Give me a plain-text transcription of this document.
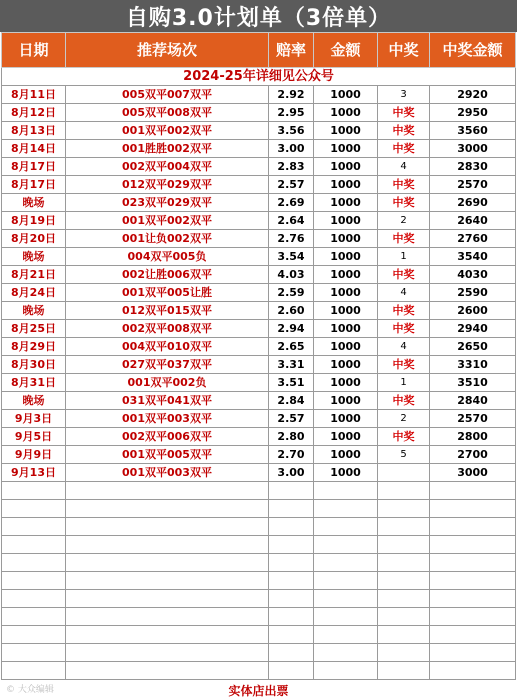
自购3.0计划单（3倍单）
日期	推荐场次	赔率	金额	中奖	中奖金额
2024-25年详细见公众号					
8月11日	005双平007双平	2.92	1000	3	2920
8月12日	005双平008双平	2.95	1000	中奖	2950
8月13日	001双平002双平	3.56	1000	中奖	3560
8月14日	001胜胜002双平	3.00	1000	中奖	3000
8月17日	002双平004双平	2.83	1000	4	2830
8月17日	012双平029双平	2.57	1000	中奖	2570
晚场	023双平029双平	2.69	1000	中奖	2690
8月19日	001双平002双平	2.64	1000	2	2640
8月20日	001让负002双平	2.76	1000	中奖	2760
晚场	004双平005负	3.54	1000	1	3540
8月21日	002让胜006双平	4.03	1000	中奖	4030
8月24日	001双平005让胜	2.59	1000	4	2590
晚场	012双平015双平	2.60	1000	中奖	2600
8月25日	002双平008双平	2.94	1000	中奖	2940
8月29日	004双平010双平	2.65	1000	4	2650
8月30日	027双平037双平	3.31	1000	中奖	3310
8月31日	001双平002负	3.51	1000	1	3510
晚场	031双平041双平	2.84	1000	中奖	2840
9月3日	001双平003双平	2.57	1000	2	2570
9月5日	002双平006双平	2.80	1000	中奖	2800
9月9日	001双平005双平	2.70	1000	5	2700
9月13日	001双平003双平	3.00	1000		3000

© 大众编辑	实体店出票
